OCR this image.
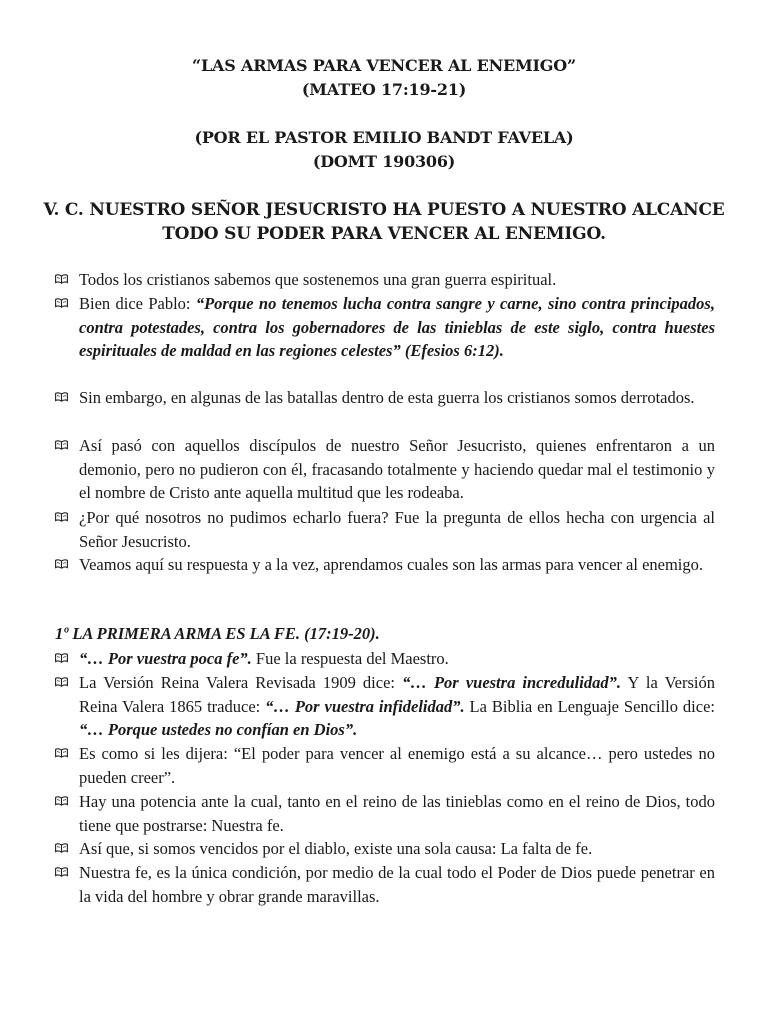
“LAS ARMAS PARA VENCER AL ENEMIGO”
(MATEO 17:19-21)
(POR EL PASTOR EMILIO BANDT FAVELA)
(DOMT 190306)
V. C. NUESTRO SEÑOR JESUCRISTO HA PUESTO A NUESTRO ALCANCE TODO SU PODER PARA VENCER AL ENEMIGO.
Todos los cristianos sabemos que sostenemos una gran guerra espiritual.
Bien dice Pablo: “Porque no tenemos lucha contra sangre y carne, sino contra principados, contra potestades, contra los gobernadores de las tinieblas de este siglo, contra huestes espirituales de maldad en las regiones celestes” (Efesios 6:12).
Sin embargo, en algunas de las batallas dentro de esta guerra los cristianos somos derrotados.
Así pasó con aquellos discípulos de nuestro Señor Jesucristo, quienes enfrentaron a un demonio, pero no pudieron con él, fracasando totalmente y haciendo quedar mal el testimonio y el nombre de Cristo ante aquella multitud que les rodeaba.
¿Por qué nosotros no pudimos echarlo fuera? Fue la pregunta de ellos hecha con urgencia al Señor Jesucristo.
Veamos aquí su respuesta y a la vez, aprendamos cuales son las armas para vencer al enemigo.
1º LA PRIMERA ARMA ES LA FE. (17:19-20).
“… Por vuestra poca fe”. Fue la respuesta del Maestro.
La Versión Reina Valera Revisada 1909 dice: “… Por vuestra incredulidad”. Y la Versión Reina Valera 1865 traduce: “… Por vuestra infidelidad”. La Biblia en Lenguaje Sencillo dice: “… Porque ustedes no confían en Dios”.
Es como si les dijera: “El poder para vencer al enemigo está a su alcance… pero ustedes no pueden creer”.
Hay una potencia ante la cual, tanto en el reino de las tinieblas como en el reino de Dios, todo tiene que postrarse: Nuestra fe.
Así que, si somos vencidos por el diablo, existe una sola causa: La falta de fe.
Nuestra fe, es la única condición, por medio de la cual todo el Poder de Dios puede penetrar en la vida del hombre y obrar grande maravillas.
